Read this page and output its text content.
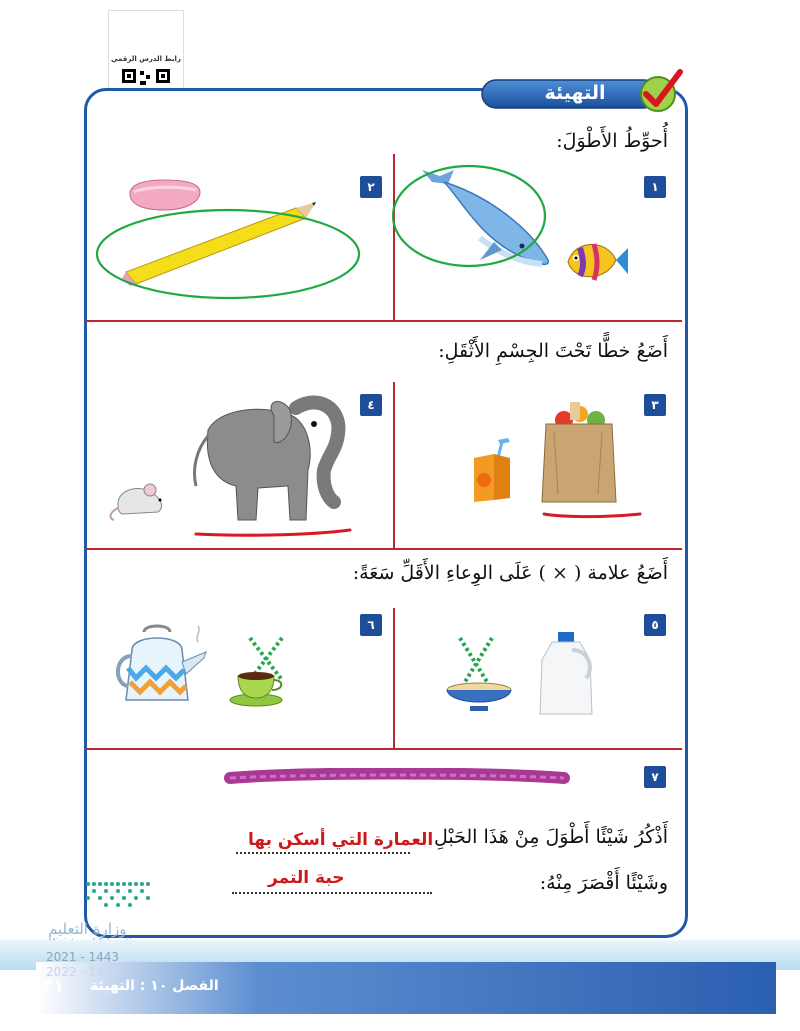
رابط الدرس الرقمي
التهيئة
أُحوِّطُ الأَطْوَلَ:
أَضَعُ خطًّا تَحْتَ الجِسْمِ الأَثْقَلِ:
أَضَعُ علامة ( × ) عَلَى الوِعاءِ الأَقَلِّ سَعَةً:
١
٢
٣
٤
٥
٦
٧
أَذْكُرُ شَيْئًا أَطْوَلَ مِنْ هَذَا الحَبْلِ :
العمارة التي أسكن بها
وشَيْئًا أَقْصَرَ مِنْهُ:
حبة التمر
وزارة التعليم
2021 - 1443
2022 - 1444
٣١ الفصل ١٠ : التهيئة
